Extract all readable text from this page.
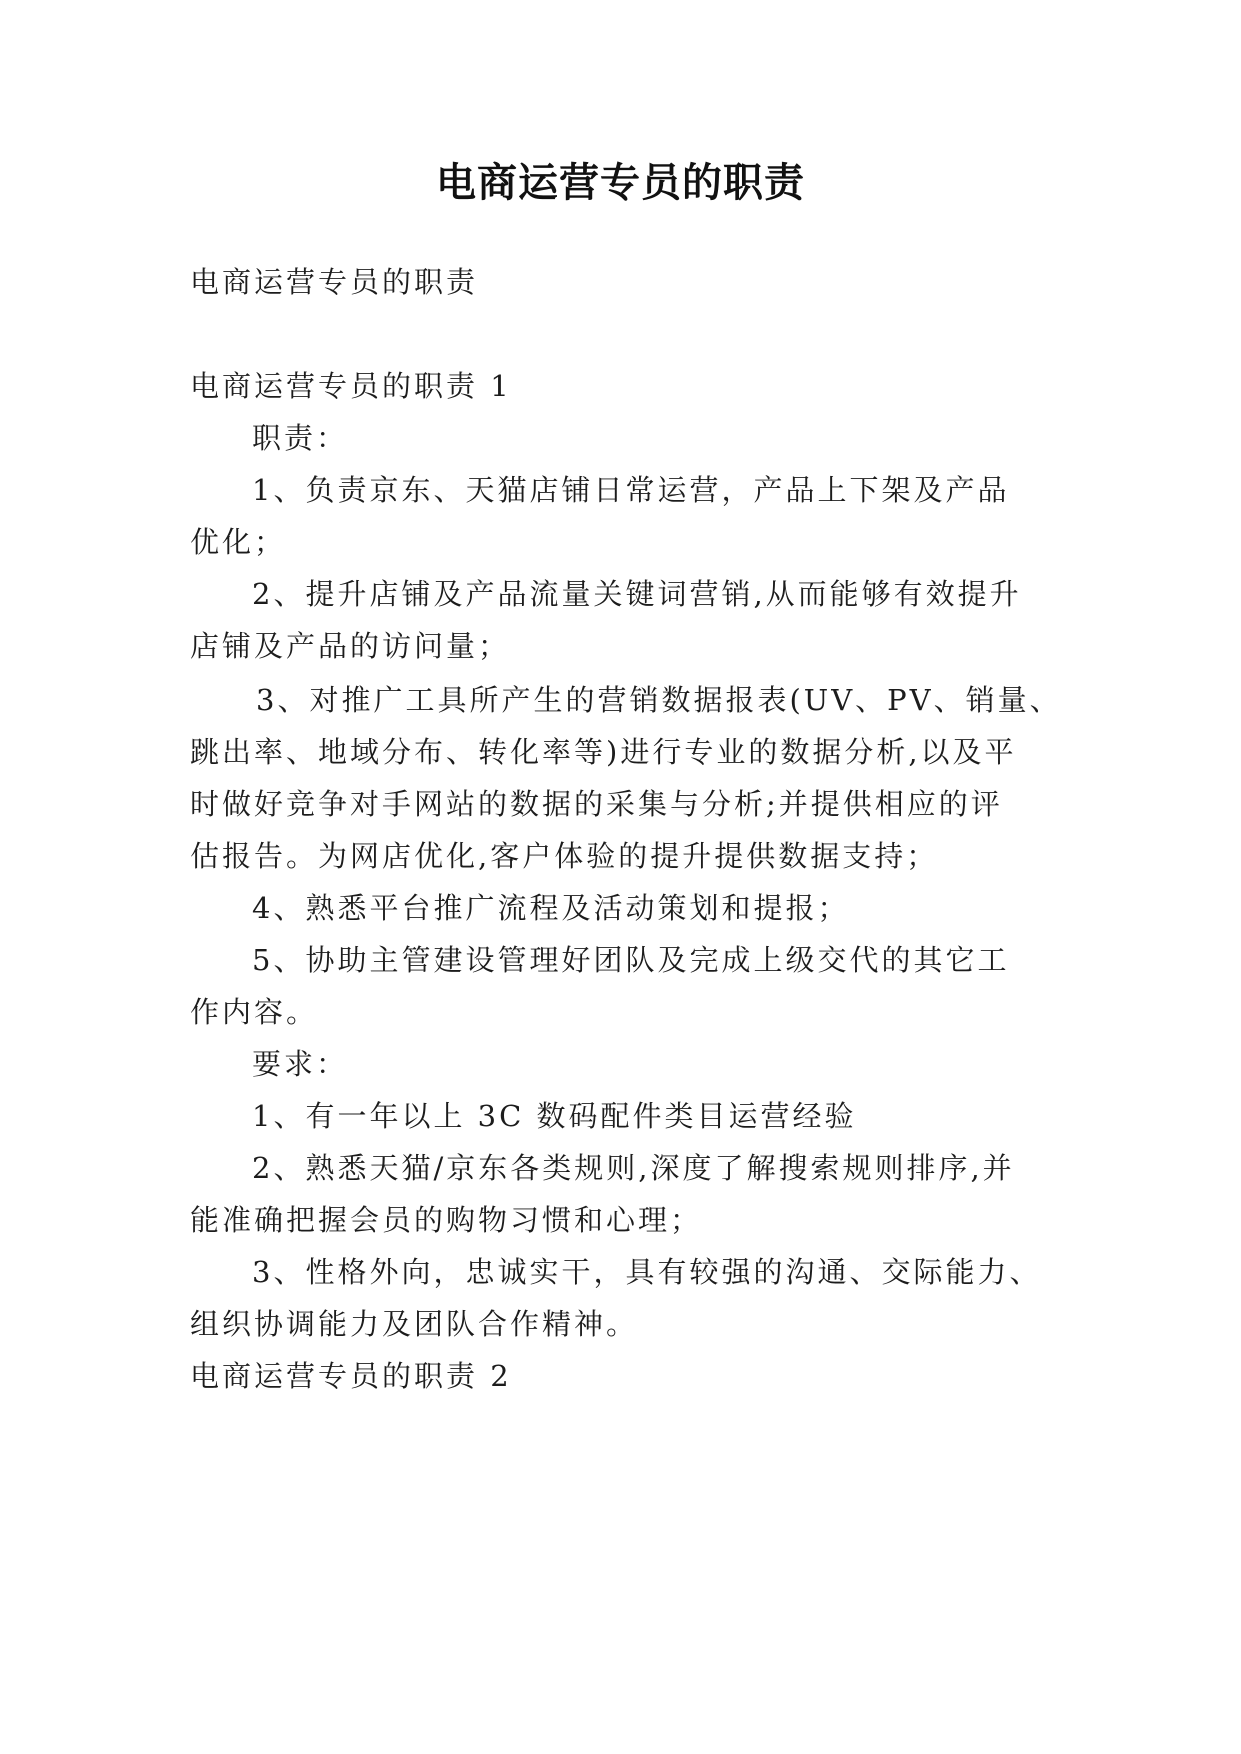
电商运营专员的职责
电商运营专员的职责
电商运营专员的职责 1
职责：
1、负责京东、天猫店铺日常运营，产品上下架及产品
优化；
2、提升店铺及产品流量关键词营销,从而能够有效提升
店铺及产品的访问量；
3、对推广工具所产生的营销数据报表(UV、PV、销量、
跳出率、地域分布、转化率等)进行专业的数据分析,以及平
时做好竞争对手网站的数据的采集与分析;并提供相应的评
估报告。为网店优化,客户体验的提升提供数据支持；
4、熟悉平台推广流程及活动策划和提报；
5、协助主管建设管理好团队及完成上级交代的其它工
作内容。
要求：
1、有一年以上 3C 数码配件类目运营经验
2、熟悉天猫/京东各类规则,深度了解搜索规则排序,并
能准确把握会员的购物习惯和心理；
3、性格外向，忠诚实干，具有较强的沟通、交际能力、
组织协调能力及团队合作精神。
电商运营专员的职责 2
